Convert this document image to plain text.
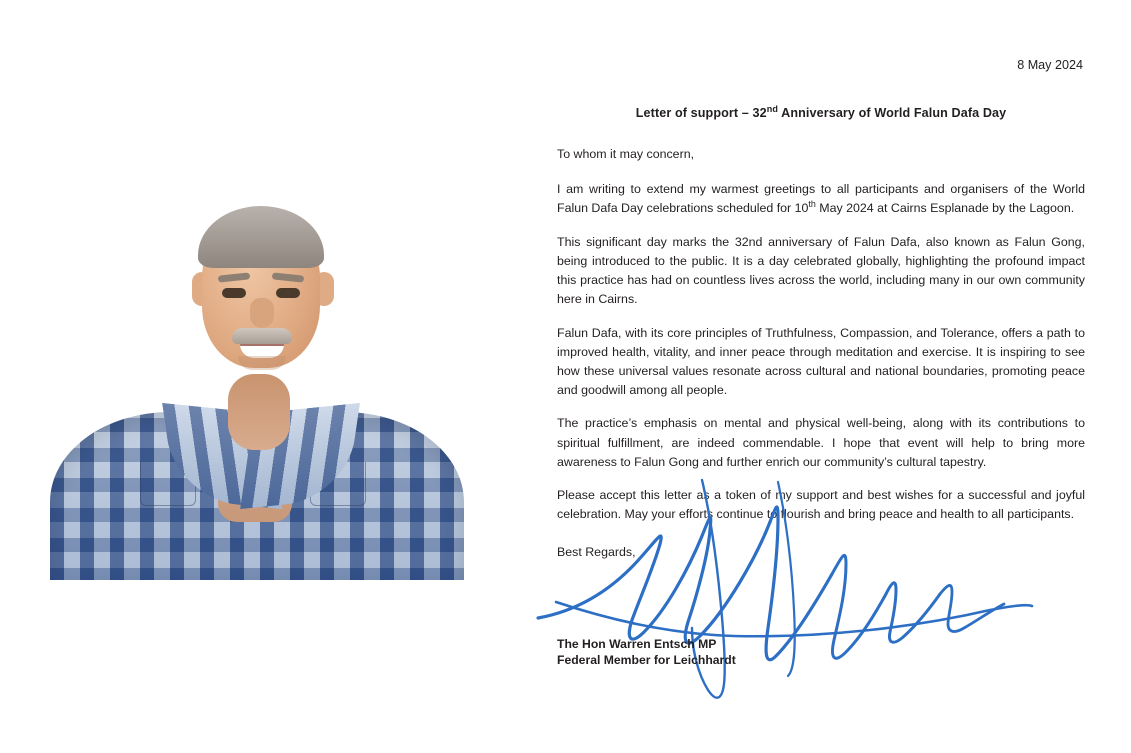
8 May 2024
Letter of support – 32nd Anniversary of World Falun Dafa Day

To whom it may concern,

I am writing to extend my warmest greetings to all participants and organisers of the World Falun Dafa Day celebrations scheduled for 10th May 2024 at Cairns Esplanade by the Lagoon.

This significant day marks the 32nd anniversary of Falun Dafa, also known as Falun Gong, being introduced to the public. It is a day celebrated globally, highlighting the profound impact this practice has had on countless lives across the world, including many in our own community here in Cairns.

Falun Dafa, with its core principles of Truthfulness, Compassion, and Tolerance, offers a path to improved health, vitality, and inner peace through meditation and exercise. It is inspiring to see how these universal values resonate across cultural and national boundaries, promoting peace and goodwill among all people.

The practice’s emphasis on mental and physical well-being, along with its contributions to spiritual fulfillment, are indeed commendable. I hope that event will help to bring more awareness to Falun Gong and further enrich our community’s cultural tapestry.

Please accept this letter as a token of my support and best wishes for a successful and joyful celebration. May your efforts continue to flourish and bring peace and health to all participants.

Best Regards,

The Hon Warren Entsch MP
Federal Member for Leichhardt
